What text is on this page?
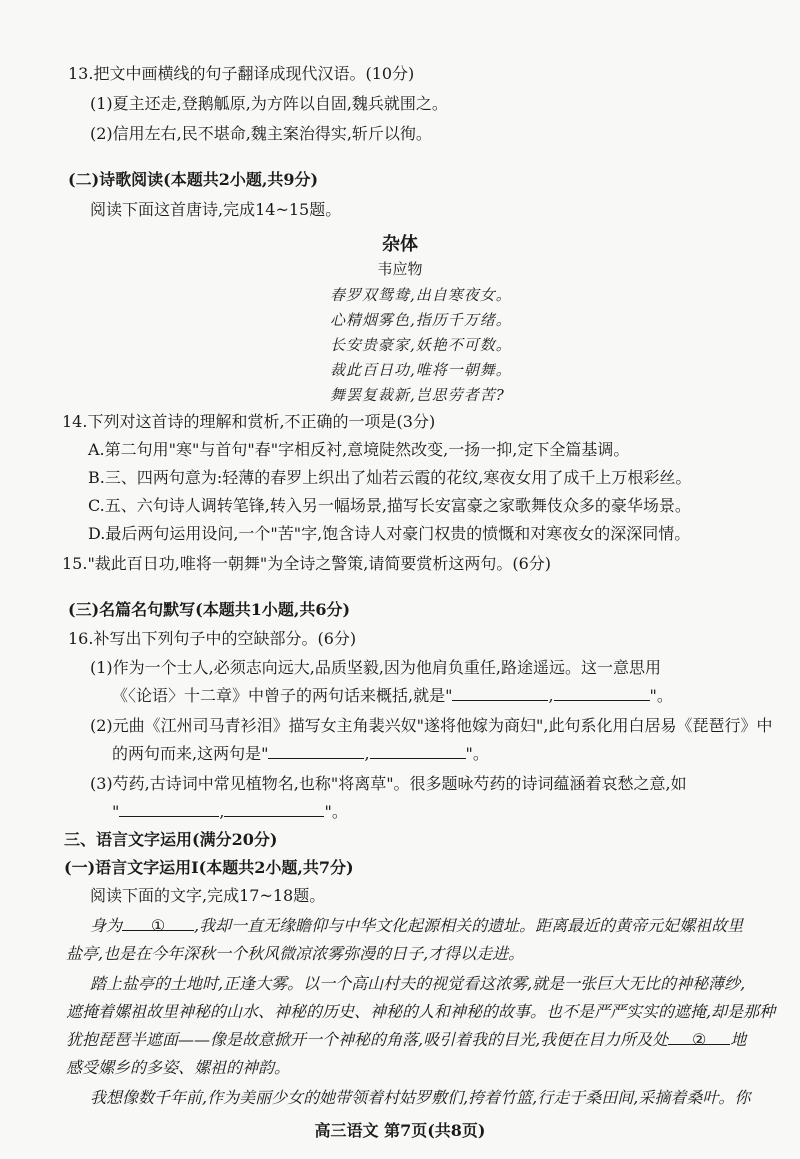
13.把文中画横线的句子翻译成现代汉语。(10分)
(1)夏主还走,登鹅觚原,为方阵以自固,魏兵就围之。
(2)信用左右,民不堪命,魏主案治得实,斩斤以徇。
(二)诗歌阅读(本题共2小题,共9分)
阅读下面这首唐诗,完成14~15题。
杂体
韦应物
春罗双鸳鸯,出自寒夜女。
心精烟雾色,指历千万绪。
长安贵豪家,妖艳不可数。
裁此百日功,唯将一朝舞。
舞罢复裁新,岂思劳者苦?
14.下列对这首诗的理解和赏析,不正确的一项是(3分)
A.第二句用"寒"与首句"春"字相反衬,意境陡然改变,一扬一抑,定下全篇基调。
B.三、四两句意为:轻薄的春罗上织出了灿若云霞的花纹,寒夜女用了成千上万根彩丝。
C.五、六句诗人调转笔锋,转入另一幅场景,描写长安富豪之家歌舞伎众多的豪华场景。
D.最后两句运用设问,一个"苦"字,饱含诗人对豪门权贵的愤慨和对寒夜女的深深同情。
15."裁此百日功,唯将一朝舞"为全诗之警策,请简要赏析这两句。(6分)
(三)名篇名句默写(本题共1小题,共6分)
16.补写出下列句子中的空缺部分。(6分)
(1)作为一个士人,必须志向远大,品质坚毅,因为他肩负重任,路途遥远。这一意思用
《〈论语〉十二章》中曾子的两句话来概括,就是"	,	"。
(2)元曲《江州司马青衫泪》描写女主角裴兴奴"遂将他嫁为商妇",此句系化用白居易《琵琶行》中
的两句而来,这两句是"	,	"。
(3)芍药,古诗词中常见植物名,也称"将离草"。很多题咏芍药的诗词蕴涵着哀愁之意,如
"	,	"。
三、语言文字运用(满分20分)
(一)语言文字运用Ⅰ(本题共2小题,共7分)
阅读下面的文字,完成17~18题。
身为 ① ,我却一直无缘瞻仰与中华文化起源相关的遗址。距离最近的黄帝元妃嫘祖故里
盐亭,也是在今年深秋一个秋风微凉浓雾弥漫的日子,才得以走进。
踏上盐亭的土地时,正逢大雾。以一个高山村夫的视觉看这浓雾,就是一张巨大无比的神秘薄纱,
遮掩着嫘祖故里神秘的山水、神秘的历史、神秘的人和神秘的故事。也不是严严实实的遮掩,却是那种
犹抱琵琶半遮面——像是故意掀开一个神秘的角落,吸引着我的目光,我便在目力所及处 ② 地
感受嫘乡的多姿、嫘祖的神韵。
我想像数千年前,作为美丽少女的她带领着村姑罗敷们,挎着竹篮,行走于桑田间,采摘着桑叶。你
高三语文 第7页(共8页)
